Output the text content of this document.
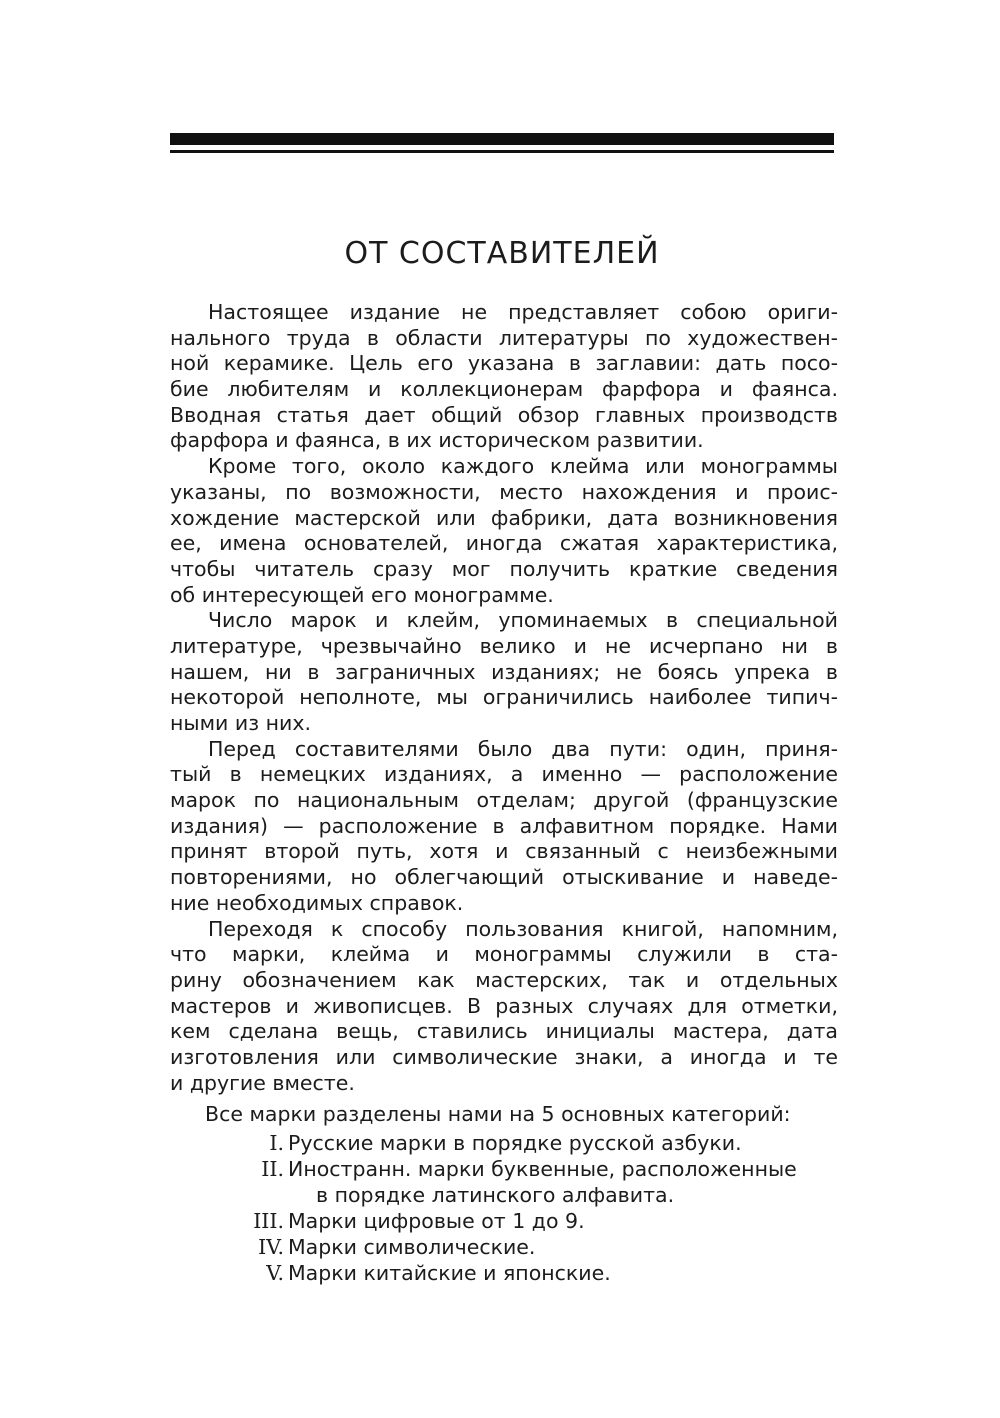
ОТ СОСТАВИТЕЛЕЙ
Настоящее издание не представляет собою ориги-
нального труда в области литературы по художествен-
ной керамике. Цель его указана в заглавии: дать посо-
бие любителям и коллекционерам фарфора и фаянса.
Вводная статья дает общий обзор главных производств
фарфора и фаянса, в их историческом развитии.
Кроме того, около каждого клейма или монограммы
указаны, по возможности, место нахождения и проис-
хождение мастерской или фабрики, дата возникновения
ее, имена основателей, иногда сжатая характеристика,
чтобы читатель сразу мог получить краткие сведения
об интересующей его монограмме.
Число марок и клейм, упоминаемых в специальной
литературе, чрезвычайно велико и не исчерпано ни в
нашем, ни в заграничных изданиях; не боясь упрека в
некоторой неполноте, мы ограничились наиболее типич-
ными из них.
Перед составителями было два пути: один, приня-
тый в немецких изданиях, а именно — расположение
марок по национальным отделам; другой (французские
издания) — расположение в алфавитном порядке. Нами
принят второй путь, хотя и связанный с неизбежными
повторениями, но облегчающий отыскивание и наведе-
ние необходимых справок.
Переходя к способу пользования книгой, напомним,
что марки, клейма и монограммы служили в ста-
рину обозначением как мастерских, так и отдельных
мастеров и живописцев. В разных случаях для отметки,
кем сделана вещь, ставились инициалы мастера, дата
изготовления или символические знаки, а иногда и те
и другие вместе.
Все марки разделены нами на 5 основных категорий:
I. Русские марки в порядке русской азбуки.
II. Иностранн. марки буквенные, расположенные
в порядке латинского алфавита.
III. Марки цифровые от 1 до 9.
IV. Марки символические.
V. Марки китайские и японские.
